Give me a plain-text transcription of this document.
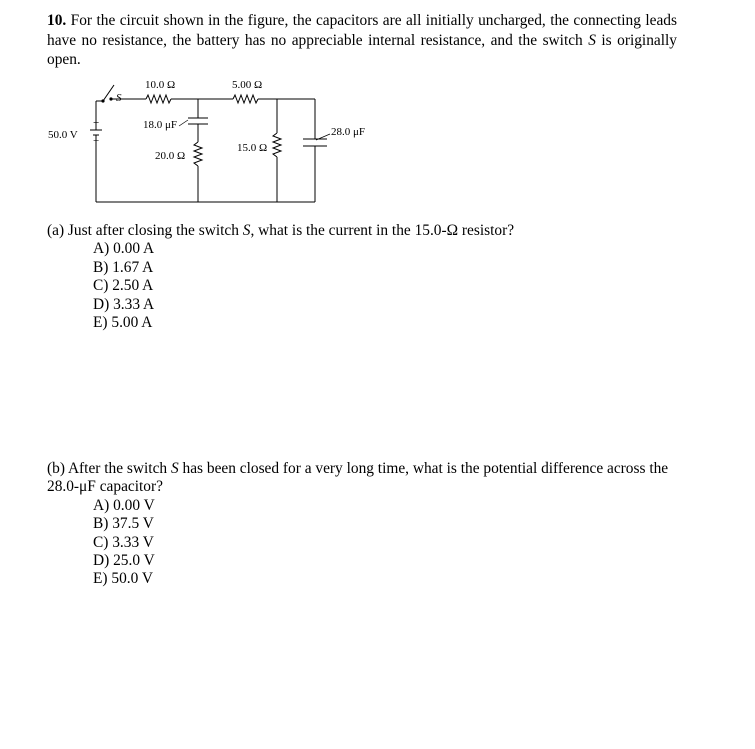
10. For the circuit shown in the figure, the capacitors are all initially uncharged, the connecting leads have no resistance, the battery has no appreciable internal resistance, and the switch S is originally open.
+
−
50.0 V
S
10.0 Ω	5.00 Ω
18.0 μF
20.0 Ω
15.0 Ω
28.0 μF
(a) Just after closing the switch S, what is the current in the 15.0-Ω resistor?
A) 0.00 A
B) 1.67 A
C) 2.50 A
D) 3.33 A
E) 5.00 A
(b) After the switch S has been closed for a very long time, what is the potential difference across the 28.0-μF capacitor?
A) 0.00 V
B) 37.5 V
C) 3.33 V
D) 25.0 V
E) 50.0 V
